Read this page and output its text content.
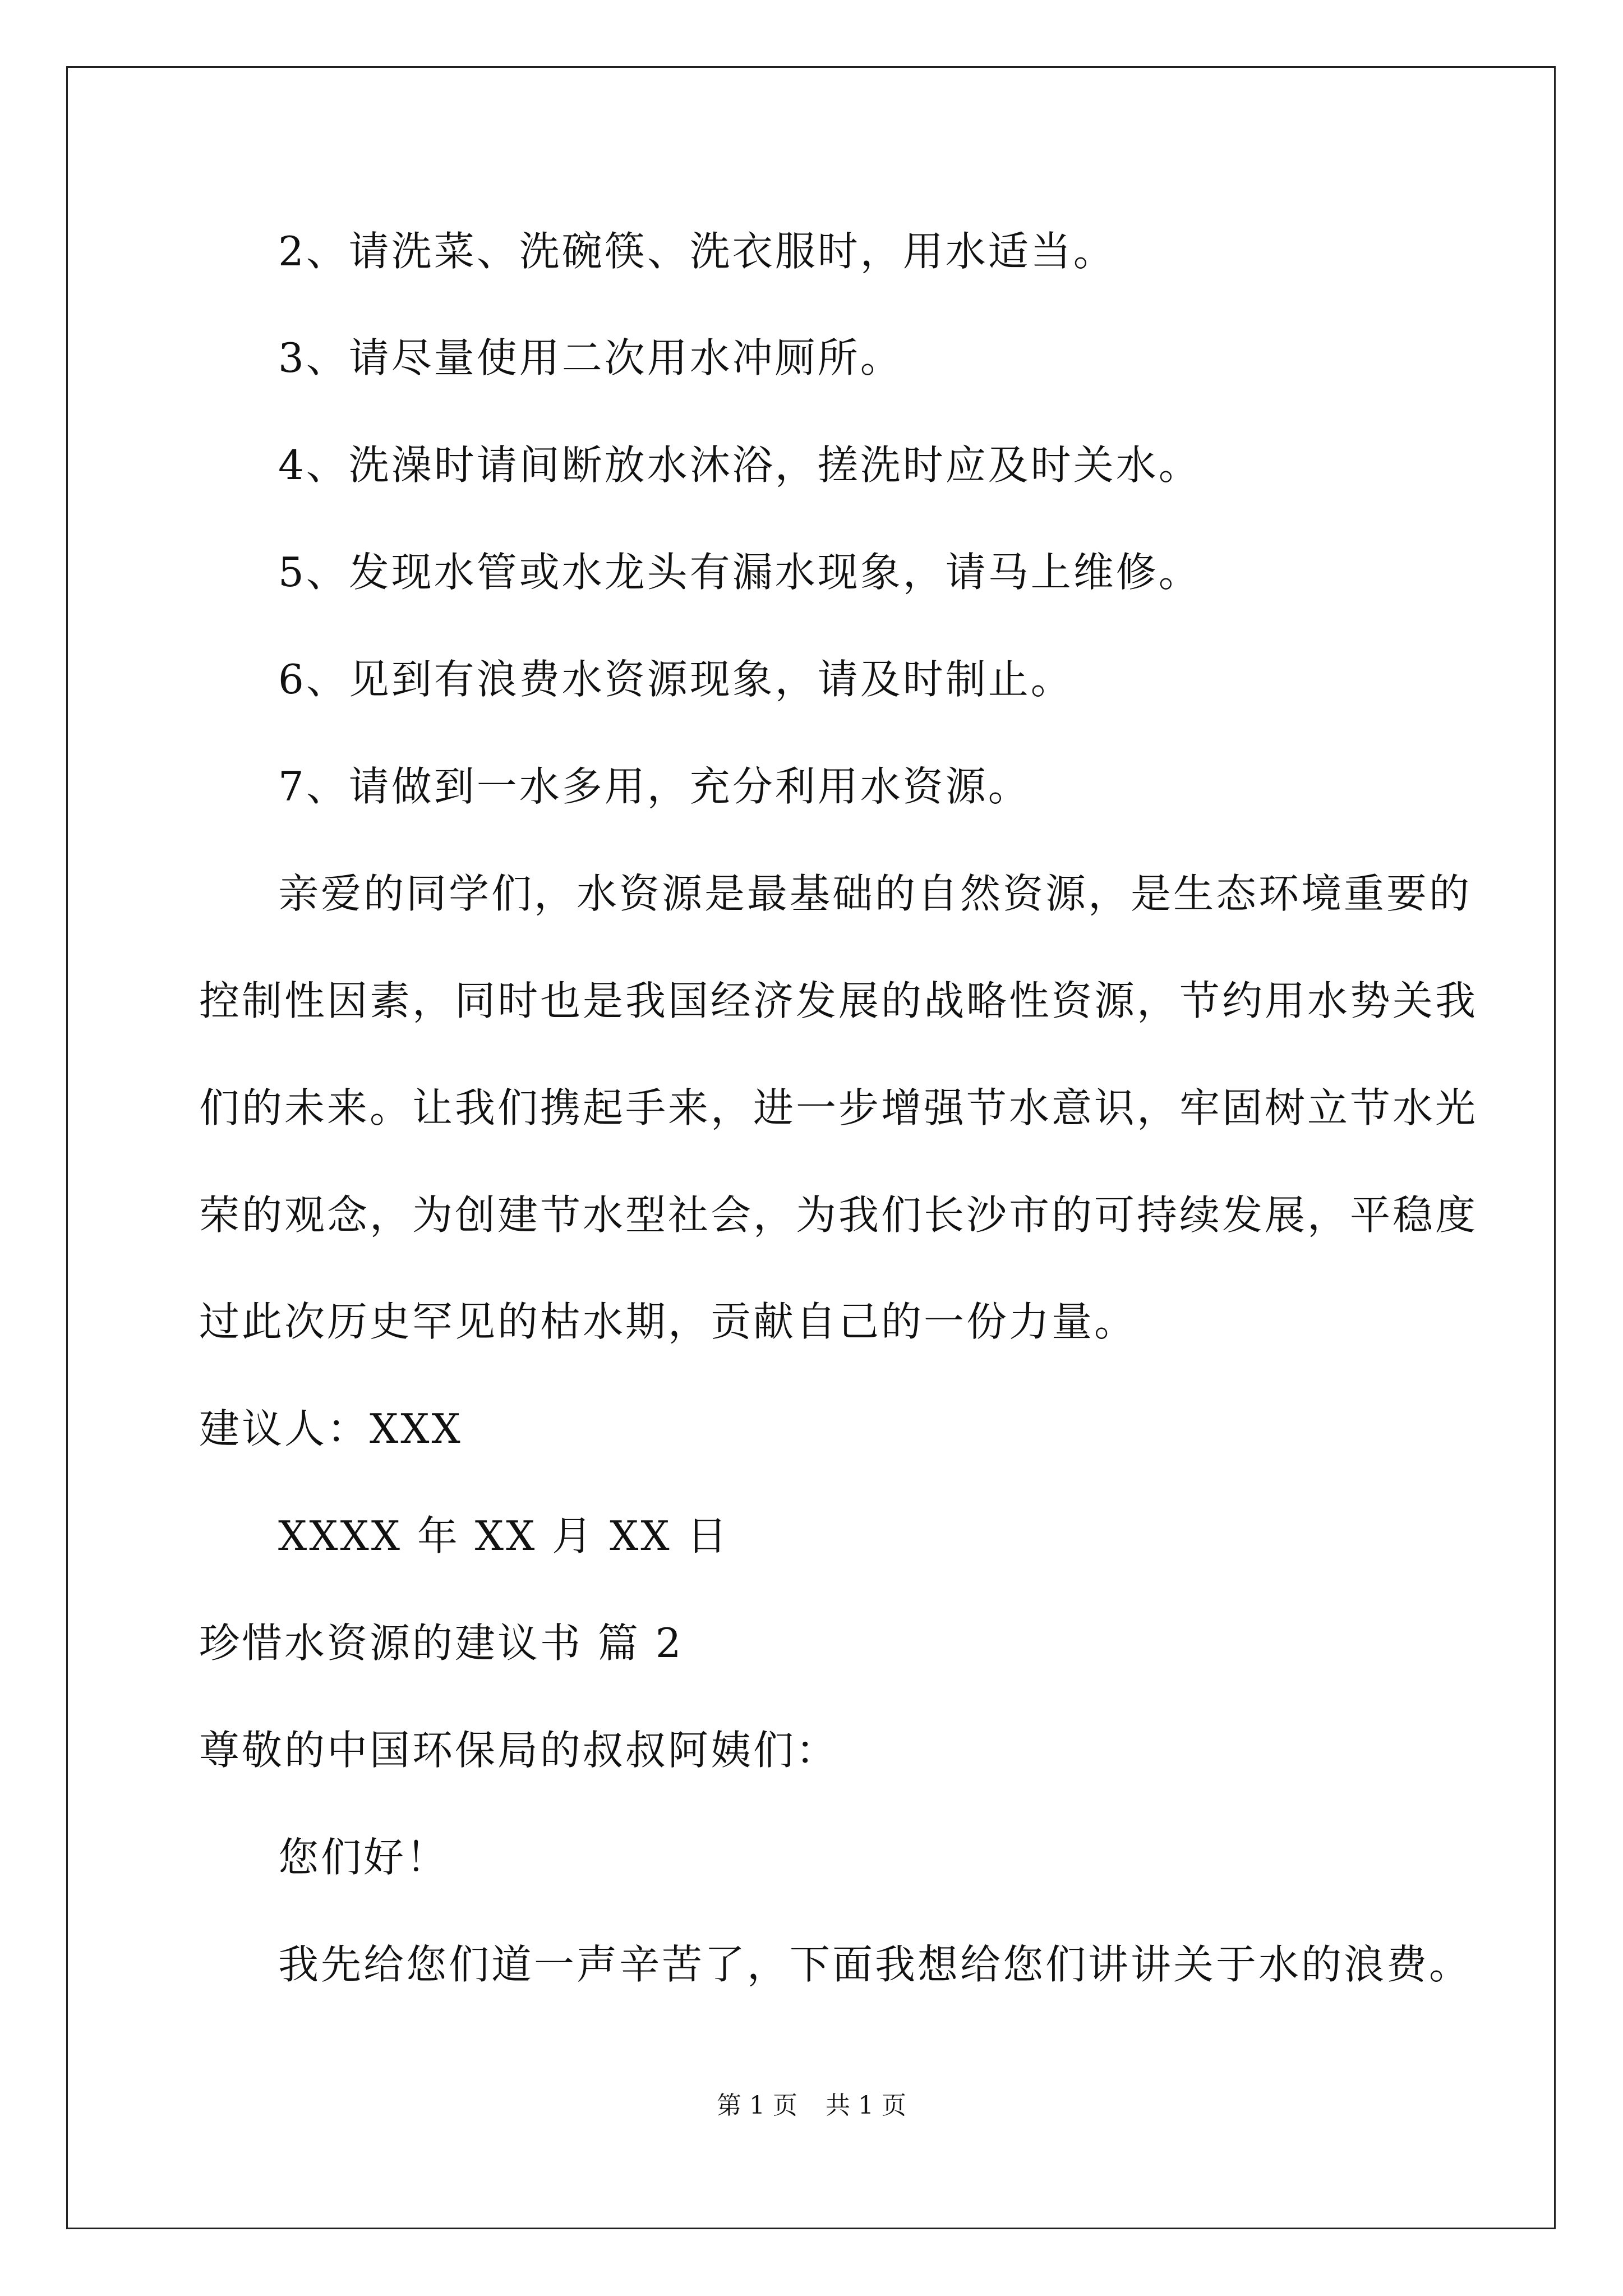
2、请洗菜、洗碗筷、洗衣服时，用水适当。
3、请尽量使用二次用水冲厕所。
4、洗澡时请间断放水沐浴，搓洗时应及时关水。
5、发现水管或水龙头有漏水现象，请马上维修。
6、见到有浪费水资源现象，请及时制止。
7、请做到一水多用，充分利用水资源。
亲爱的同学们，水资源是最基础的自然资源，是生态环境重要的
控制性因素，同时也是我国经济发展的战略性资源，节约用水势关我
们的未来。让我们携起手来，进一步增强节水意识，牢固树立节水光
荣的观念，为创建节水型社会，为我们长沙市的可持续发展，平稳度
过此次历史罕见的枯水期，贡献自己的一份力量。
建议人：XXX
XXXX 年 XX 月 XX 日
珍惜水资源的建议书 篇 2
尊敬的中国环保局的叔叔阿姨们：
您们好！
我先给您们道一声辛苦了，下面我想给您们讲讲关于水的浪费。
第 1 页 共 1 页
